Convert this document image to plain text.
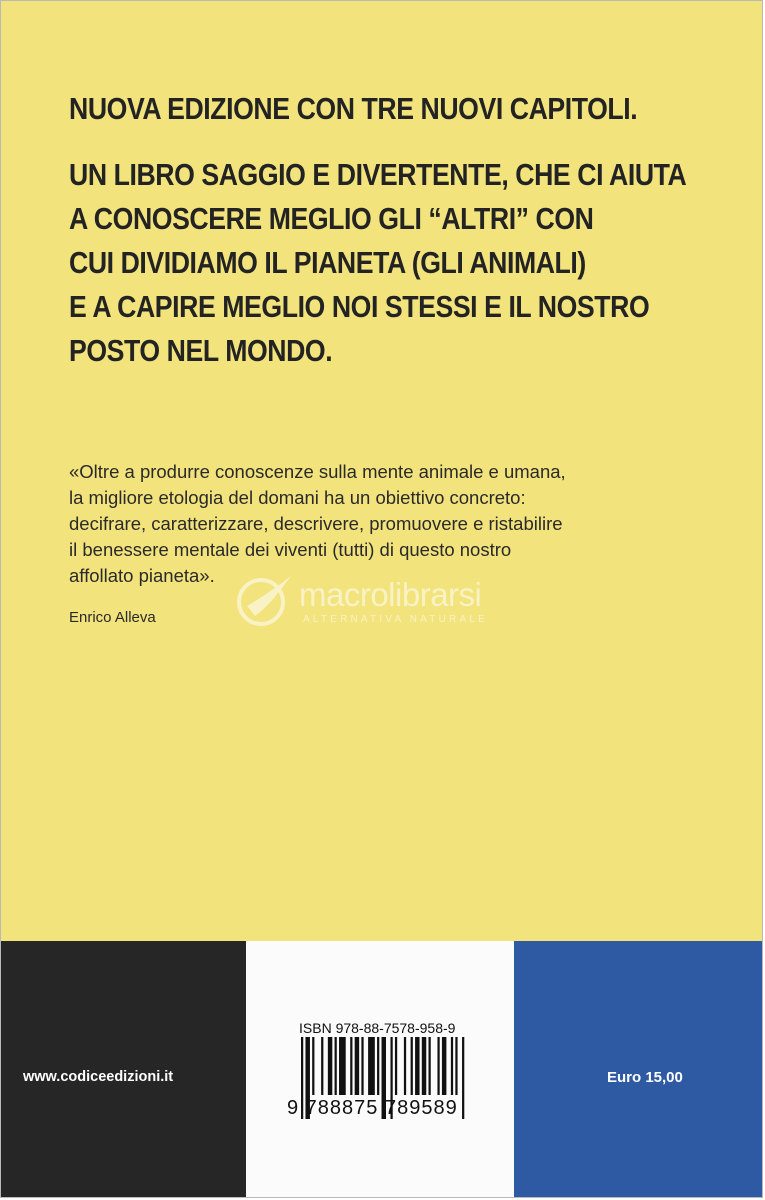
NUOVA EDIZIONE CON TRE NUOVI CAPITOLI.
UN LIBRO SAGGIO E DIVERTENTE, CHE CI AIUTA
A CONOSCERE MEGLIO GLI “ALTRI” CON
CUI DIVIDIAMO IL PIANETA (GLI ANIMALI)
E A CAPIRE MEGLIO NOI STESSI E IL NOSTRO
POSTO NEL MONDO.
«Oltre a produrre conoscenze sulla mente animale e umana,
la migliore etologia del domani ha un obiettivo concreto:
decifrare, caratterizzare, descrivere, promuovere e ristabilire
il benessere mentale dei viventi (tutti) di questo nostro
affollato pianeta».
Enrico Alleva
macrolibrarsi
ALTERNATIVA NATURALE
www.codiceedizioni.it	Euro 15,00
ISBN 978-88-7578-958-9
9 788875 789589
